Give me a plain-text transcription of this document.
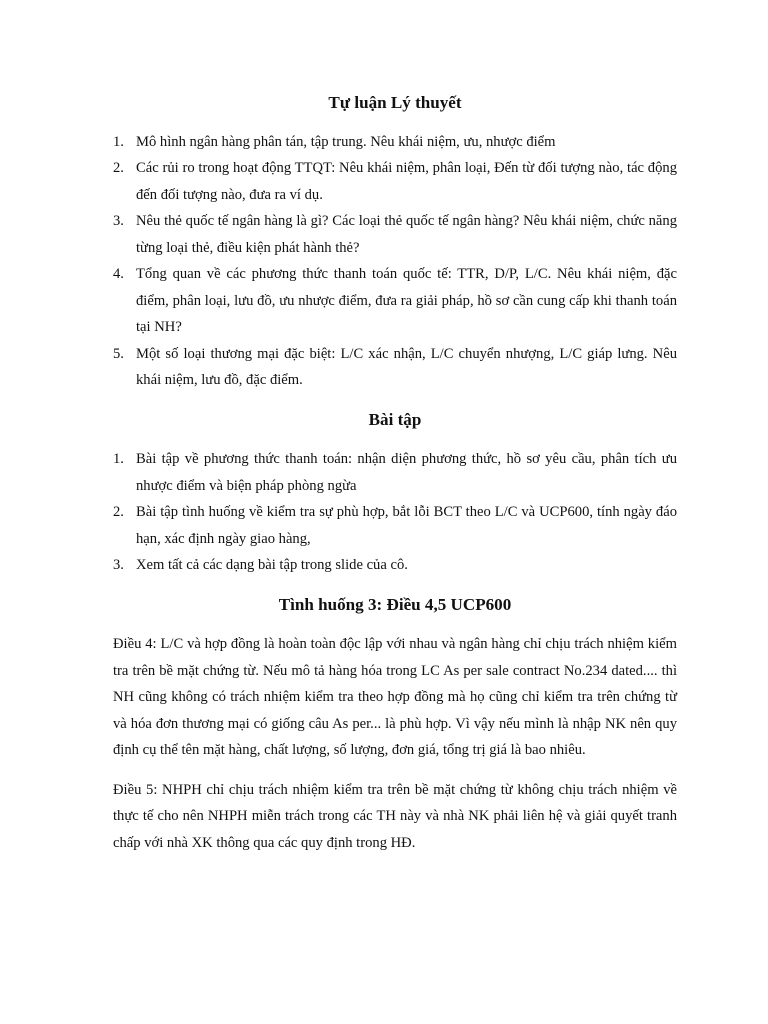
Tự luận Lý thuyết
1. Mô hình ngân hàng phân tán, tập trung. Nêu khái niệm, ưu, nhược điểm
2. Các rủi ro trong hoạt động TTQT: Nêu khái niệm, phân loại, Đến từ đối tượng nào, tác động đến đối tượng nào, đưa ra ví dụ.
3. Nêu thẻ quốc tế ngân hàng là gì? Các loại thẻ quốc tế ngân hàng? Nêu khái niệm, chức năng từng loại thẻ, điều kiện phát hành thẻ?
4. Tổng quan về các phương thức thanh toán quốc tế: TTR, D/P, L/C. Nêu khái niệm, đặc điểm, phân loại, lưu đồ, ưu nhược điểm, đưa ra giải pháp, hồ sơ cần cung cấp khi thanh toán tại NH?
5. Một số loại thương mại đặc biệt: L/C xác nhận, L/C chuyển nhượng, L/C giáp lưng. Nêu khái niệm, lưu đồ, đặc điểm.
Bài tập
1. Bài tập về phương thức thanh toán: nhận diện phương thức, hồ sơ yêu cầu, phân tích ưu nhược điểm và biện pháp phòng ngừa
2. Bài tập tình huống về kiểm tra sự phù hợp, bắt lỗi BCT theo L/C và UCP600, tính ngày đáo hạn, xác định ngày giao hàng,
3. Xem tất cả các dạng bài tập trong slide của cô.
Tình huống 3: Điều 4,5 UCP600

Điều 4: L/C và hợp đồng là hoàn toàn độc lập với nhau và ngân hàng chỉ chịu trách nhiệm kiểm tra trên bề mặt chứng từ. Nếu mô tả hàng hóa trong LC As per sale contract No.234 dated.... thì NH cũng không có trách nhiệm kiểm tra theo hợp đồng mà họ cũng chỉ kiểm tra trên chứng từ và hóa đơn thương mại có giống câu As per... là phù hợp. Vì vậy nếu mình là nhập NK nên quy định cụ thể tên mặt hàng, chất lượng, số lượng, đơn giá, tổng trị giá là bao nhiêu.

Điều 5: NHPH chỉ chịu trách nhiệm kiểm tra trên bề mặt chứng từ không chịu trách nhiệm về thực tế cho nên NHPH miễn trách trong các TH này và nhà NK phải liên hệ và giải quyết tranh chấp với nhà XK thông qua các quy định trong HĐ.
